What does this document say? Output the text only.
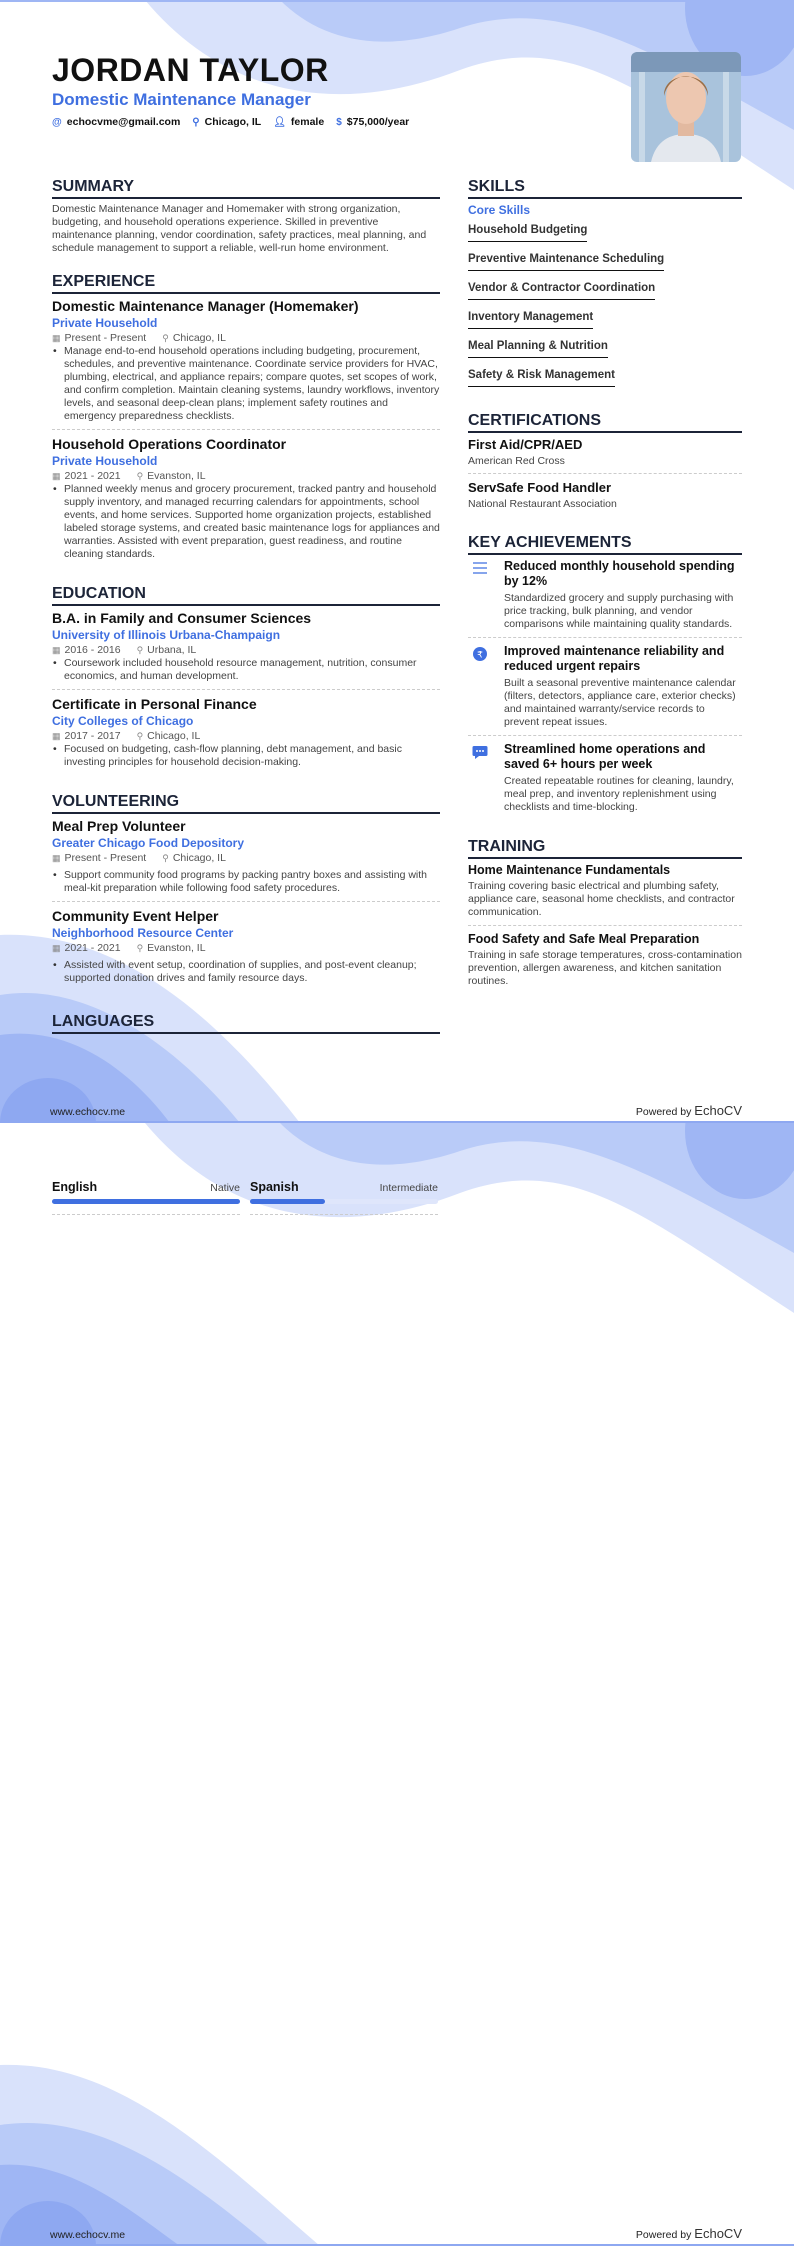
JORDAN TAYLOR
Domestic Maintenance Manager
@ echocvme@gmail.com ⚲ Chicago, IL 👤︎ female $ $75,000/year
SUMMARY

Domestic Maintenance Manager and Homemaker with strong organization, budgeting, and household operations experience. Skilled in preventive maintenance planning, vendor coordination, safety practices, meal planning, and schedule management to support a reliable, well-run home environment.

EXPERIENCE
Domestic Maintenance Manager (Homemaker)
Private Household
▦ Present - Present ⚲ Chicago, IL
• Manage end-to-end household operations including budgeting, procurement, schedules, and preventive maintenance. Coordinate service providers for HVAC, plumbing, electrical, and appliance repairs; compare quotes, set scopes of work, and confirm completion. Maintain cleaning systems, laundry workflows, inventory levels, and seasonal deep-clean plans; implement safety routines and emergency preparedness checklists.
Household Operations Coordinator
Private Household
▦ 2021 - 2021 ⚲ Evanston, IL
• Planned weekly menus and grocery procurement, tracked pantry and household supply inventory, and managed recurring calendars for appointments, school events, and home services. Supported home organization projects, established labeled storage systems, and created basic maintenance logs for appliances and warranties. Assisted with event preparation, guest readiness, and routine cleaning standards.
EDUCATION
B.A. in Family and Consumer Sciences
University of Illinois Urbana-Champaign
▦ 2016 - 2016 ⚲ Urbana, IL
• Coursework included household resource management, nutrition, consumer economics, and human development.
Certificate in Personal Finance
City Colleges of Chicago
▦ 2017 - 2017 ⚲ Chicago, IL
• Focused on budgeting, cash-flow planning, debt management, and basic investing principles for household decision-making.
VOLUNTEERING
Meal Prep Volunteer
Greater Chicago Food Depository
▦ Present - Present ⚲ Chicago, IL
• Support community food programs by packing pantry boxes and assisting with meal-kit preparation while following food safety procedures.
Community Event Helper
Neighborhood Resource Center
▦ 2021 - 2021 ⚲ Evanston, IL
• Assisted with event setup, coordination of supplies, and post-event cleanup; supported donation drives and family resource days.
LANGUAGES
SKILLS
Core Skills
Household Budgeting
Preventive Maintenance Scheduling
Vendor & Contractor Coordination
Inventory Management
Meal Planning & Nutrition
Safety & Risk Management
CERTIFICATIONS
First Aid/CPR/AED
American Red Cross
ServSafe Food Handler
National Restaurant Association
KEY ACHIEVEMENTS
Reduced monthly household spending by 12%
Standardized grocery and supply purchasing with price tracking, bulk planning, and vendor comparisons while maintaining quality standards.
₹ Improved maintenance reliability and reduced urgent repairs
Built a seasonal preventive maintenance calendar (filters, detectors, appliance care, exterior checks) and maintained warranty/service records to prevent repeat issues.
Streamlined home operations and saved 6+ hours per week
Created repeatable routines for cleaning, laundry, meal prep, and inventory replenishment using checklists and time-blocking.
TRAINING
Home Maintenance Fundamentals

Training covering basic electrical and plumbing safety, appliance care, seasonal home checklists, and contractor communication.

Food Safety and Safe Meal Preparation

Training in safe storage temperatures, cross-contamination prevention, allergen awareness, and kitchen sanitation routines.

www.echocv.me	Powered by EchoCV
English	Native Spanish	Intermediate
www.echocv.me	Powered by EchoCV
